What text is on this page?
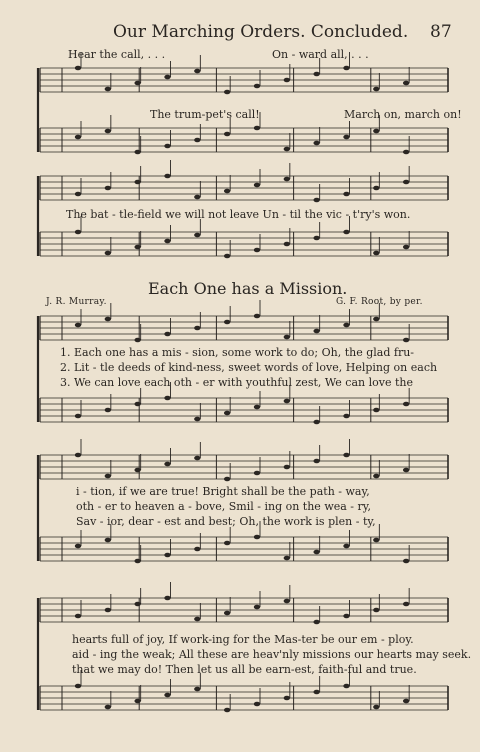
Our Marching Orders. Concluded. 87
Hear the call, . . .	On - ward all, . . .
The trum-pet's call!	March on, march on!
The bat - tle-field we will not leave Un - til the vic - t'ry's won.
Each One has a Mission.
J. R. Murray.	G. F. Root, by per.
1. Each one has a mis - sion, some work to do; Oh, the glad fru-
2. Lit - tle deeds of kind-ness, sweet words of love, Helping on each
3. We can love each oth - er with youthful zest, We can love the
i - tion, if we are true! Bright shall be the path - way,
oth - er to heaven a - bove, Smil - ing on the wea - ry,
Sav - ior, dear - est and best; Oh, the work is plen - ty,
hearts full of joy, If work-ing for the Mas-ter be our em - ploy.
aid - ing the weak; All these are heav'nly missions our hearts may seek.
that we may do! Then let us all be earn-est, faith-ful and true.
